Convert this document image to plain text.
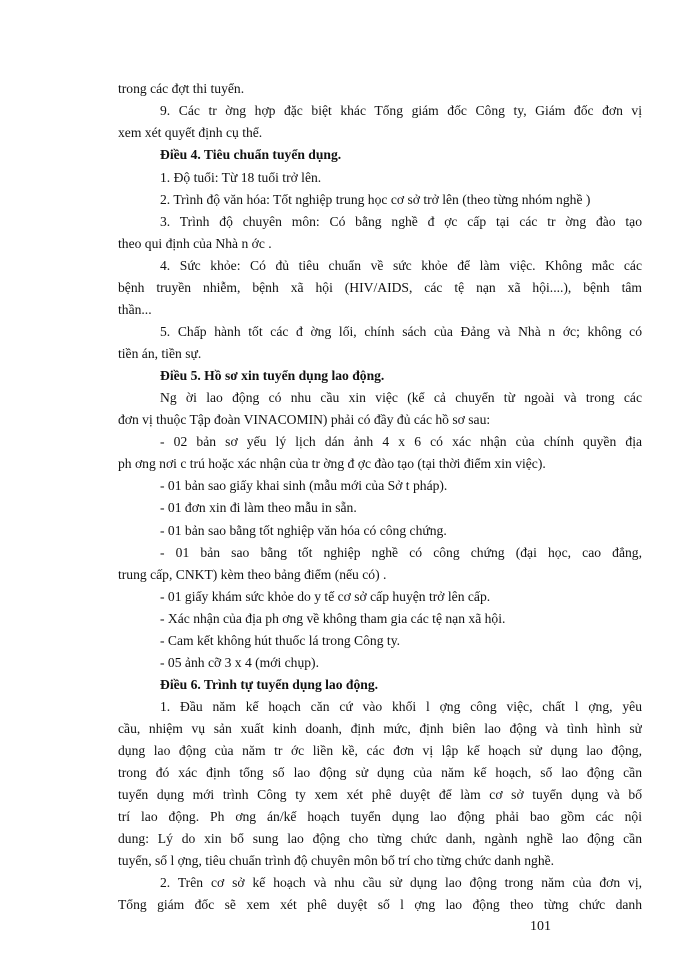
trong các đợt thi tuyển.
9. Các tr ờng hợp đặc biệt khác Tổng giám đốc Công ty, Giám đốc đơn vị
xem xét quyết định cụ thể.
Điều 4. Tiêu chuẩn tuyển dụng.
1. Độ tuổi: Từ 18 tuổi trở lên.
2. Trình độ văn hóa: Tốt nghiệp trung học cơ sở trở lên (theo từng nhóm nghề )
3. Trình độ chuyên môn: Có bằng nghề đ ợc cấp tại các tr ờng đào tạo
theo qui định của Nhà n ớc .
4. Sức khỏe: Có đủ tiêu chuẩn về sức khỏe để làm việc. Không mắc các
bệnh truyền nhiễm, bệnh xã hội (HIV/AIDS, các tệ nạn xã hội....), bệnh tâm
thần...
5. Chấp hành tốt các đ ờng lối, chính sách của Đảng và Nhà n ớc; không có
tiền án, tiền sự.
Điều 5. Hồ sơ xin tuyển dụng lao động.
Ng ời lao động có nhu cầu xin việc (kể cả chuyển từ ngoài và trong các
đơn vị thuộc Tập đoàn VINACOMIN) phải có đầy đủ các hồ sơ sau:
- 02 bản sơ yếu lý lịch dán ảnh 4 x 6 có xác nhận của chính quyền địa
ph ơng nơi c trú hoặc xác nhận của tr ờng đ ợc đào tạo (tại thời điểm xin việc).
- 01 bản sao giấy khai sinh (mẫu mới của Sở t pháp).
- 01 đơn xin đi làm theo mẫu in sẵn.
- 01 bản sao bằng tốt nghiệp văn hóa có công chứng.
- 01 bản sao bằng tốt nghiệp nghề có công chứng (đại học, cao đẳng,
trung cấp, CNKT) kèm theo bảng điểm (nếu có) .
- 01 giấy khám sức khỏe do y tế cơ sở cấp huyện trở lên cấp.
- Xác nhận của địa ph ơng về không tham gia các tệ nạn xã hội.
- Cam kết không hút thuốc lá trong Công ty.
- 05 ảnh cỡ 3 x 4 (mới chụp).
Điều 6. Trình tự tuyển dụng lao động.
1. Đầu năm kế hoạch căn cứ vào khối l ợng công việc, chất l ợng, yêu
cầu, nhiệm vụ sản xuất kinh doanh, định mức, định biên lao động và tình hình sử
dụng lao động của năm tr ớc liền kề, các đơn vị lập kế hoạch sử dụng lao động,
trong đó xác định tổng số lao động sử dụng của năm kế hoạch, số lao động cần
tuyển dụng mới trình Công ty xem xét phê duyệt để làm cơ sở tuyển dụng và bố
trí lao động. Ph ơng án/kế hoạch tuyển dụng lao động phải bao gồm các nội
dung: Lý do xin bổ sung lao động cho từng chức danh, ngành nghề lao động cần
tuyển, số l ợng, tiêu chuẩn trình độ chuyên môn bố trí cho từng chức danh nghề.
2. Trên cơ sở kế hoạch và nhu cầu sử dụng lao động trong năm của đơn vị,
Tổng giám đốc sẽ xem xét phê duyệt số l ợng lao động theo từng chức danh
101
